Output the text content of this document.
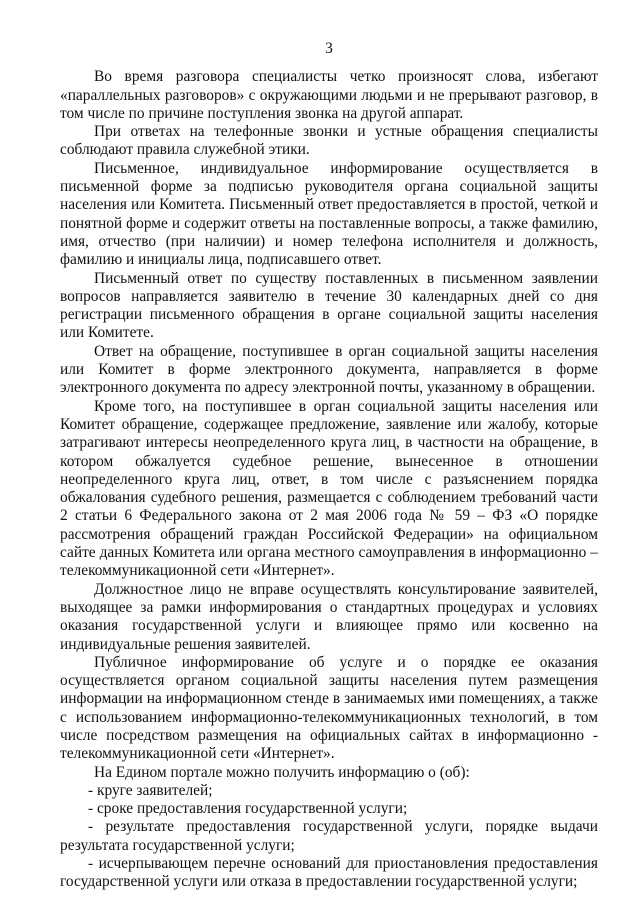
3

Во время разговора специалисты четко произносят слова, избегают «параллельных разговоров» с окружающими людьми и не прерывают разговор, в том числе по причине поступления звонка на другой аппарат.

При ответах на телефонные звонки и устные обращения специалисты соблюдают правила служебной этики.

Письменное, индивидуальное информирование осуществляется в письменной форме за подписью руководителя органа социальной защиты населения или Комитета. Письменный ответ предоставляется в простой, четкой и понятной форме и содержит ответы на поставленные вопросы, а также фамилию, имя, отчество (при наличии) и номер телефона исполнителя и должность, фамилию и инициалы лица, подписавшего ответ.

Письменный ответ по существу поставленных в письменном заявлении вопросов направляется заявителю в течение 30 календарных дней со дня регистрации письменного обращения в органе социальной защиты населения или Комитете.

Ответ на обращение, поступившее в орган социальной защиты населения или Комитет в форме электронного документа, направляется в форме электронного документа по адресу электронной почты, указанному в обращении.

Кроме того, на поступившее в орган социальной защиты населения или Комитет обращение, содержащее предложение, заявление или жалобу, которые затрагивают интересы неопределенного круга лиц, в частности на обращение, в котором обжалуется судебное решение, вынесенное в отношении неопределенного круга лиц, ответ, в том числе с разъяснением порядка обжалования судебного решения, размещается с соблюдением требований части 2 статьи 6 Федерального закона от 2 мая 2006 года № 59 – ФЗ «О порядке рассмотрения обращений граждан Российской Федерации» на официальном сайте данных Комитета или органа местного самоуправления в информационно – телекоммуникационной сети «Интернет».

Должностное лицо не вправе осуществлять консультирование заявителей, выходящее за рамки информирования о стандартных процедурах и условиях оказания государственной услуги и влияющее прямо или косвенно на индивидуальные решения заявителей.

Публичное информирование об услуге и о порядке ее оказания осуществляется органом социальной защиты населения путем размещения информации на информационном стенде в занимаемых ими помещениях, а также с использованием информационно-телекоммуникационных технологий, в том числе посредством размещения на официальных сайтах в информационно - телекоммуникационной сети «Интернет».

На Едином портале можно получить информацию о (об):

- круге заявителей;

- сроке предоставления государственной услуги;

- результате предоставления государственной услуги, порядке выдачи результата государственной услуги;

- исчерпывающем перечне оснований для приостановления предоставления государственной услуги или отказа в предоставлении государственной услуги;
